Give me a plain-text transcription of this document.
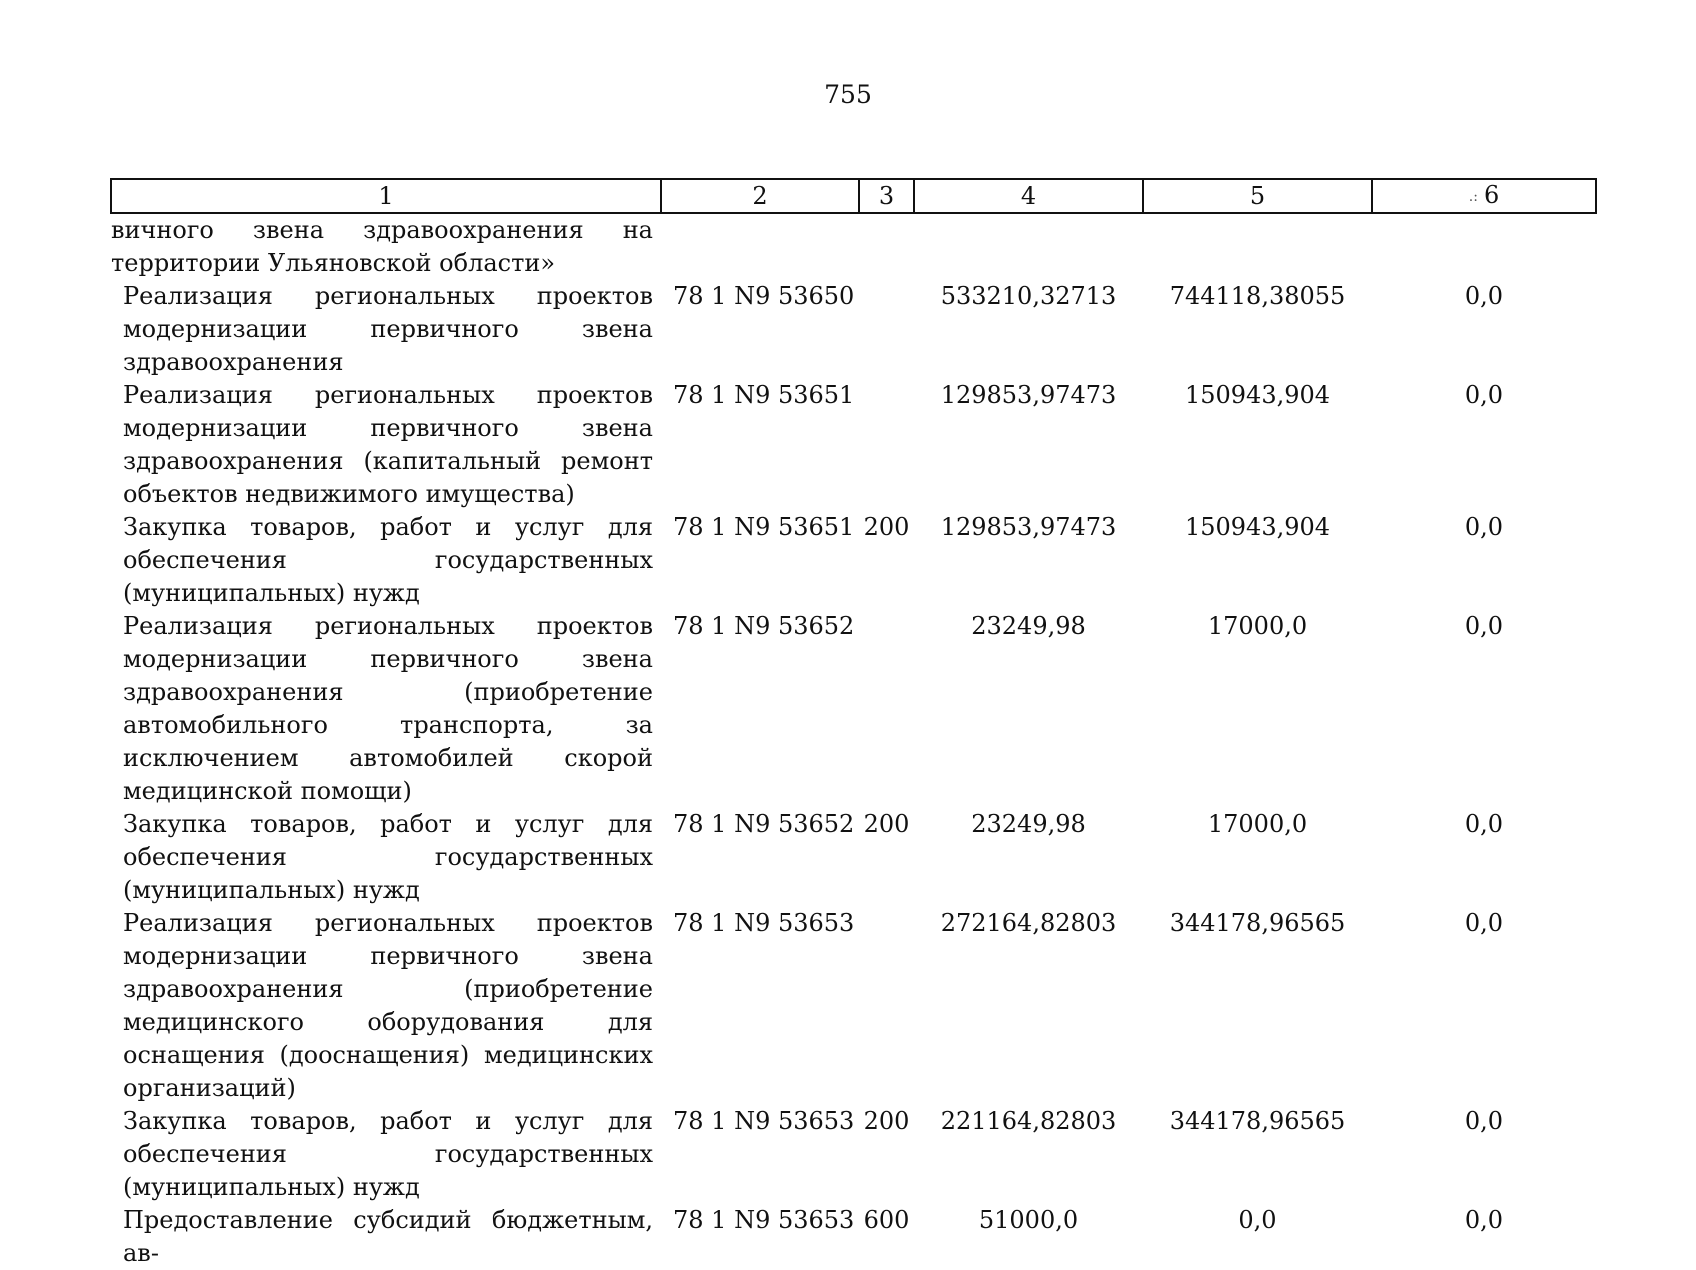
755
1	2	3	4	5	.: 6
вичного звена здравоохранения на территории Ульяновской области»					
Реализация региональных проектов модернизации первичного звена здравоохранения	78 1 N9 53650		533210,32713	744118,38055	0,0
Реализация региональных проектов модернизации первичного звена здравоохранения (капитальный ремонт объектов недвижимого имущества)	78 1 N9 53651		129853,97473	150943,904	0,0
Закупка товаров, работ и услуг для обеспечения государственных (муниципальных) нужд	78 1 N9 53651	200	129853,97473	150943,904	0,0
Реализация региональных проектов модернизации первичного звена здравоохранения (приобретение автомобильного транспорта, за исключением автомобилей скорой медицинской помощи)	78 1 N9 53652		23249,98	17000,0	0,0
Закупка товаров, работ и услуг для обеспечения государственных (муниципальных) нужд	78 1 N9 53652	200	23249,98	17000,0	0,0
Реализация региональных проектов модернизации первичного звена здравоохранения (приобретение медицинского оборудования для оснащения (дооснащения) медицинских организаций)	78 1 N9 53653		272164,82803	344178,96565	0,0
Закупка товаров, работ и услуг для обеспечения государственных (муниципальных) нужд	78 1 N9 53653	200	221164,82803	344178,96565	0,0
Предоставление субсидий бюджетным, ав-	78 1 N9 53653	600	51000,0	0,0	0,0
